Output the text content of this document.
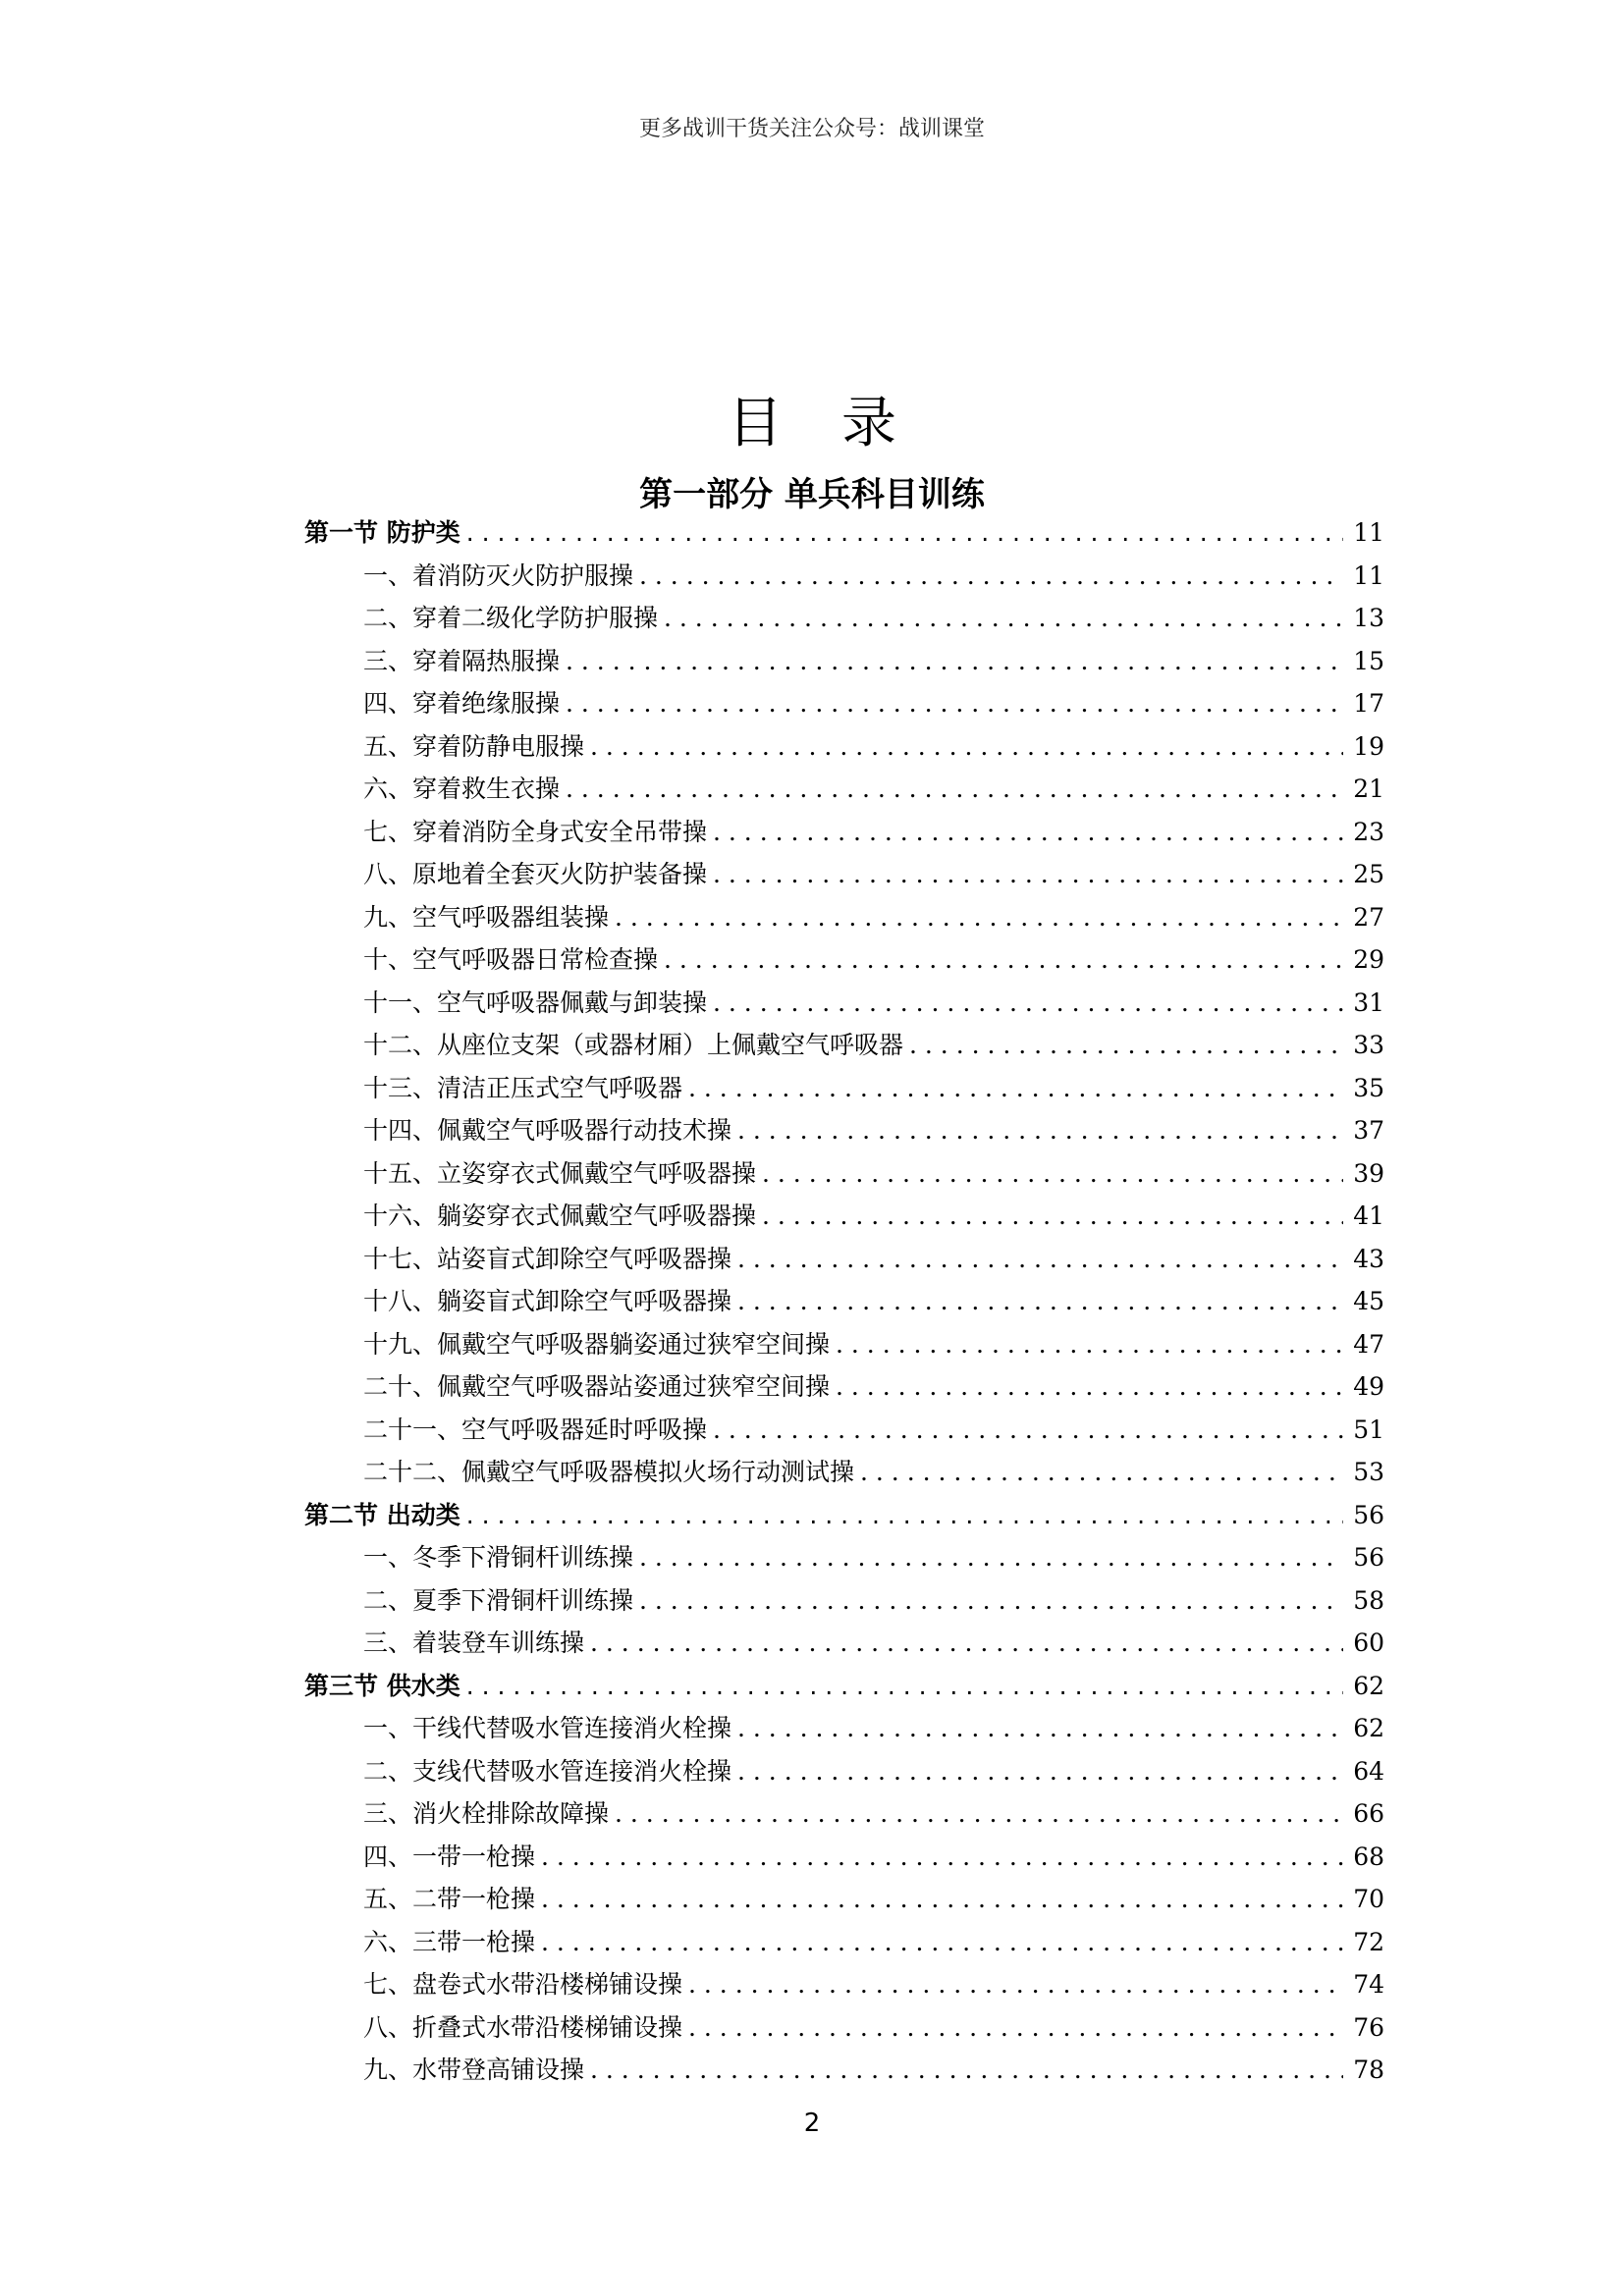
更多战训干货关注公众号：战训课堂
目录
第一部分 单兵科目训练
第一节 防护类 . . .	11
一、着消防灭火防护服操 . . .	11
二、穿着二级化学防护服操 . . .	13
三、穿着隔热服操 . . .	15
四、穿着绝缘服操 . . .	17
五、穿着防静电服操 . . .	19
六、穿着救生衣操 . . .	21
七、穿着消防全身式安全吊带操 . . .	23
八、原地着全套灭火防护装备操 . . .	25
九、空气呼吸器组装操 . . .	27
十、空气呼吸器日常检查操 . . .	29
十一、空气呼吸器佩戴与卸装操 . . .	31
十二、从座位支架（或器材厢）上佩戴空气呼吸器 . . .	33
十三、清洁正压式空气呼吸器 . . .	35
十四、佩戴空气呼吸器行动技术操 . . .	37
十五、立姿穿衣式佩戴空气呼吸器操 . . .	39
十六、躺姿穿衣式佩戴空气呼吸器操 . . .	41
十七、站姿盲式卸除空气呼吸器操 . . .	43
十八、躺姿盲式卸除空气呼吸器操 . . .	45
十九、佩戴空气呼吸器躺姿通过狭窄空间操 . . .	47
二十、佩戴空气呼吸器站姿通过狭窄空间操 . . .	49
二十一、空气呼吸器延时呼吸操 . . .	51
二十二、佩戴空气呼吸器模拟火场行动测试操 . . .	53
第二节 出动类 . . .	56
一、冬季下滑铜杆训练操 . . .	56
二、夏季下滑铜杆训练操 . . .	58
三、着装登车训练操 . . .	60
第三节 供水类 . . .	62
一、干线代替吸水管连接消火栓操 . . .	62
二、支线代替吸水管连接消火栓操 . . .	64
三、消火栓排除故障操 . . .	66
四、一带一枪操 . . .	68
五、二带一枪操 . . .	70
六、三带一枪操 . . .	72
七、盘卷式水带沿楼梯铺设操 . . .	74
八、折叠式水带沿楼梯铺设操 . . .	76
九、水带登高铺设操 . . .	78
2
